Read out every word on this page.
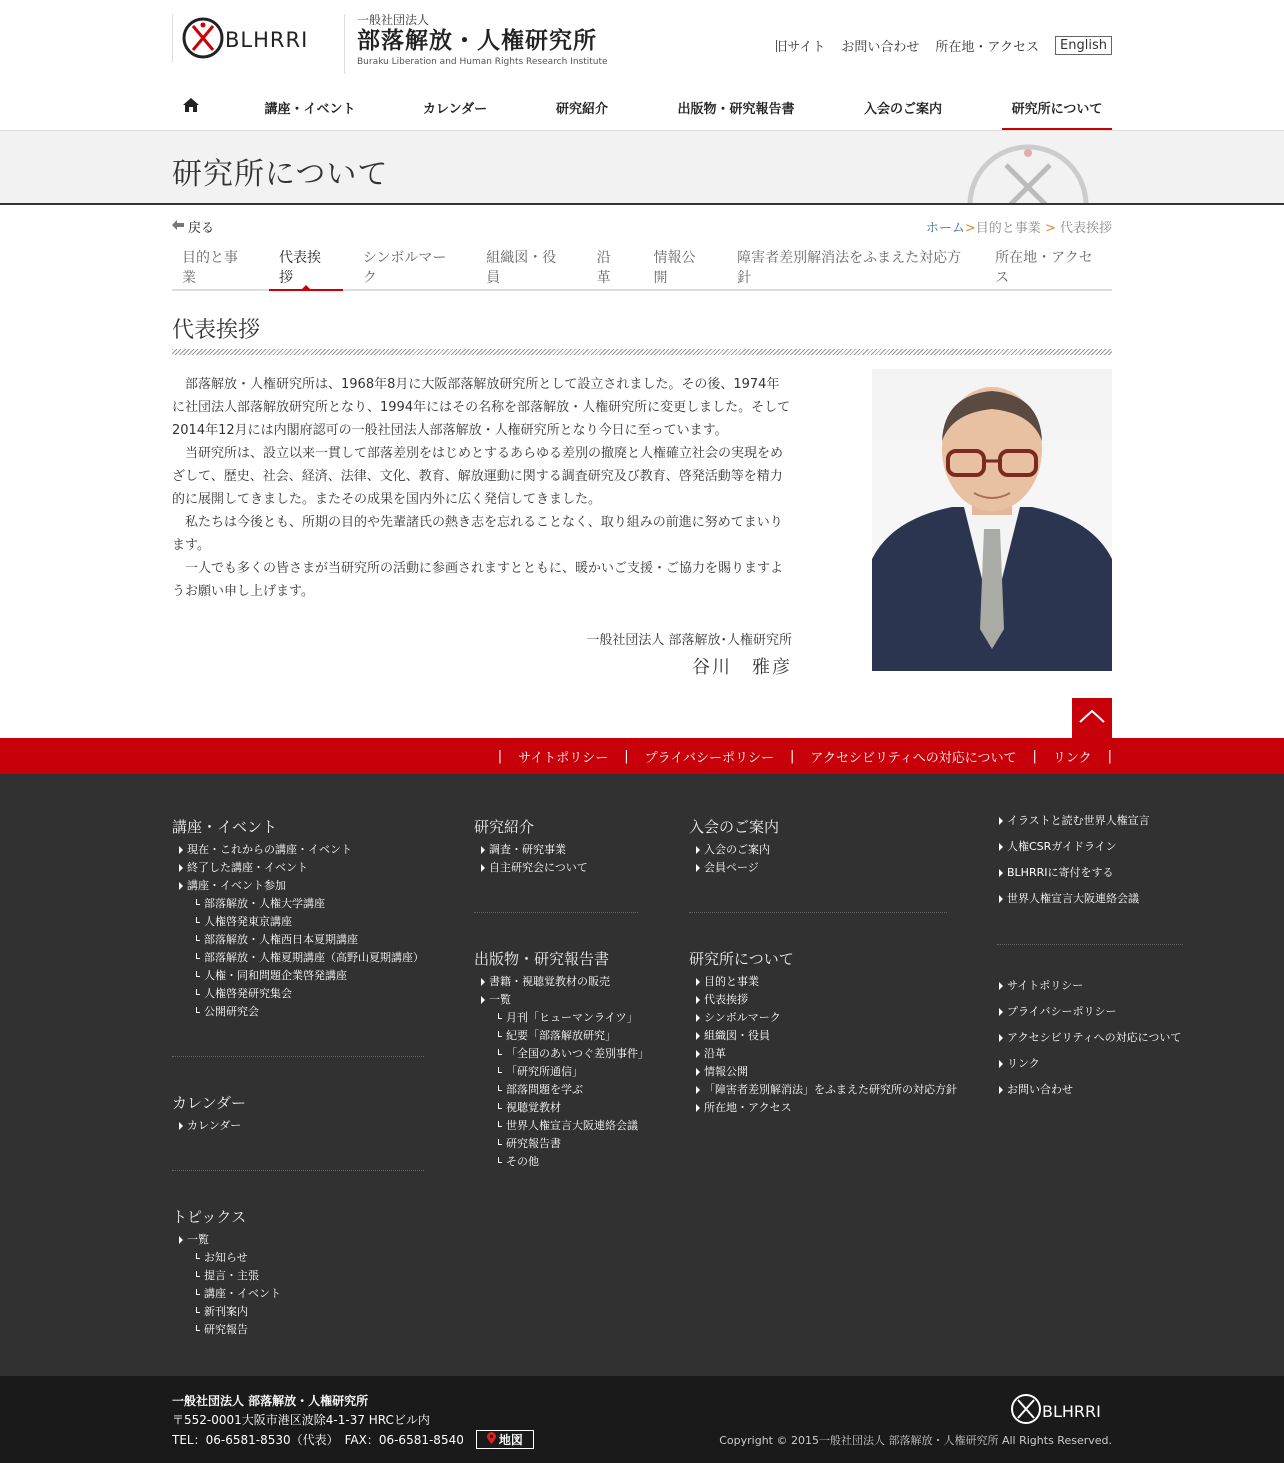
BLHRRI
一般社団法人
部落解放・人権研究所
Buraku Liberation and Human Rights Research Institute
旧サイト お問い合わせ 所在地・アクセス	English
講座・イベント	カレンダー	研究紹介	出版物・研究報告書	入会のご案内	研究所について
研究所について
戻る	ホーム>目的と事業 > 代表挨拶
目的と事業
代表挨拶
シンボルマーク
組織図・役員
沿革
情報公開
障害者差別解消法をふまえた対応方針
所在地・アクセス
代表挨拶

部落解放・人権研究所は、1968年8月に大阪部落解放研究所として設立されました。その後、1974年に社団法人部落解放研究所となり、1994年にはその名称を部落解放・人権研究所に変更しました。そして2014年12月には内閣府認可の一般社団法人部落解放・人権研究所となり今日に至っています。

当研究所は、設立以来一貫して部落差別をはじめとするあらゆる差別の撤廃と人権確立社会の実現をめざして、歴史、社会、経済、法律、文化、教育、解放運動に関する調査研究及び教育、啓発活動等を精力的に展開してきました。またその成果を国内外に広く発信してきました。

私たちは今後とも、所期の目的や先輩諸氏の熱き志を忘れることなく、取り組みの前進に努めてまいります。

一人でも多くの皆さまが当研究所の活動に参画されますとともに、暖かいご支援・ご協力を賜りますようお願い申し上げます。

一般社団法人 部落解放･人権研究所
谷川　雅彦
| サイトポリシー | プライバシーポリシー | アクセシビリティへの対応について | リンク |
講座・イベント
現在・これからの講座・イベント
終了した講座・イベント
講座・イベント参加
部落解放・人権大学講座
人権啓発東京講座
部落解放・人権西日本夏期講座
部落解放・人権夏期講座（高野山夏期講座）
人権・同和問題企業啓発講座
人権啓発研究集会
公開研究会
カレンダー
カレンダー
トピックス
一覧
お知らせ
提言・主張
講座・イベント
新刊案内
研究報告
研究紹介
調査・研究事業
自主研究会について
出版物・研究報告書
書籍・視聴覚教材の販売
一覧
月刊「ヒューマンライツ」
紀要「部落解放研究」
「全国のあいつぐ差別事件」
「研究所通信」
部落問題を学ぶ
視聴覚教材
世界人権宣言大阪連絡会議
研究報告書
その他
入会のご案内
入会のご案内
会員ページ
研究所について
目的と事業
代表挨拶
シンボルマーク
組織図・役員
沿革
情報公開
「障害者差別解消法」をふまえた研究所の対応方針
所在地・アクセス
イラストと読む世界人権宣言
人権CSRガイドライン
BLHRRIに寄付をする
世界人権宣言大阪連絡会議
サイトポリシー
プライバシーポリシー
アクセシビリティへの対応について
リンク
お問い合わせ
一般社団法人 部落解放・人権研究所
〒552-0001大阪市港区波除4-1-37 HRCビル内
TEL：06-6581-8530（代表）　FAX：06-6581-8540	地図
BLHRRI
Copyright © 2015一般社団法人 部落解放・人権研究所 All Rights Reserved.
